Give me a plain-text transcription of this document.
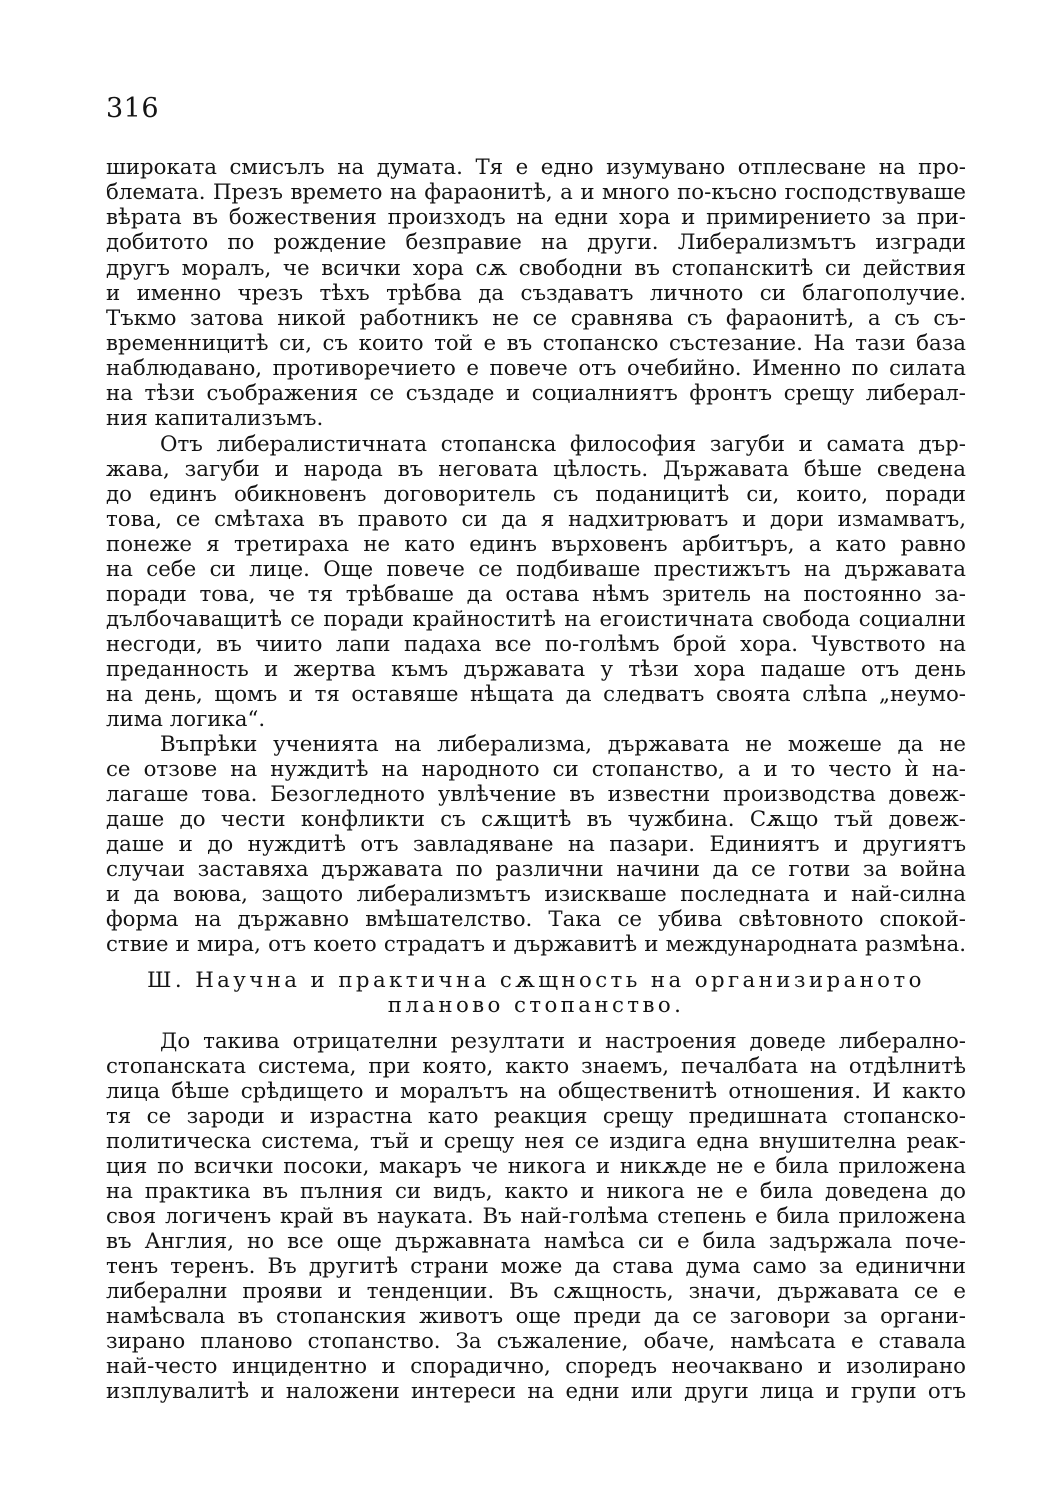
316
широката смисълъ на думата. Тя е едно изумувано отплесване на про-
блемата. Презъ времето на фараонитѣ, а и много по-късно господствуваше
вѣрата въ божествения произходъ на едни хора и примирението за при-
добитото по рождение безправие на други. Либерализмътъ изгради
другъ моралъ, че всички хора сѫ свободни въ стопанскитѣ си действия
и именно чрезъ тѣхъ трѣбва да създаватъ личното си благополучие.
Тъкмо затова никой работникъ не се сравнява съ фараонитѣ, а съ съ-
временницитѣ си, съ които той е въ стопанско състезание. На тази база
наблюдавано, противоречието е повече отъ очебийно. Именно по силата
на тѣзи съображения се създаде и социалниятъ фронтъ срещу либерал-
ния капитализъмъ.
Отъ либералистичната стопанска философия загуби и самата дър-
жава, загуби и народа въ неговата цѣлость. Държавата бѣше сведена
до единъ обикновенъ договоритель съ поданицитѣ си, които, поради
това, се смѣтаха въ правото си да я надхитрюватъ и дори измамватъ,
понеже я третираха не като единъ върховенъ арбитъръ, а като равно
на себе си лице. Още повече се подбиваше престижътъ на държавата
поради това, че тя трѣбваше да остава нѣмъ зритель на постоянно за-
дълбочаващитѣ се поради крайноститѣ на егоистичната свобода социални
несгоди, въ чиито лапи падаха все по-голѣмъ брой хора. Чувството на
преданность и жертва къмъ държавата у тѣзи хора падаше отъ день
на день, щомъ и тя оставяше нѣщата да следватъ своята слѣпа „неумо-
лима логика“.
Въпрѣки ученията на либерализма, държавата не можеше да не
се отзове на нуждитѣ на народното си стопанство, а и то често ѝ на-
лагаше това. Безогледното увлѣчение въ известни производства довеж-
даше до чести конфликти съ сѫщитѣ въ чужбина. Сѫщо тъй довеж-
даше и до нуждитѣ отъ завладяване на пазари. Единиятъ и другиятъ
случаи заставяха държавата по различни начини да се готви за война
и да воюва, защото либерализмътъ изискваше последната и най-силна
форма на държавно вмѣшателство. Така се убива свѣтовното спокой-
ствие и мира, отъ което страдатъ и държавитѣ и международната размѣна.
Ш. Научна и практична сѫщность на организираното
планово стопанство.
До такива отрицателни резултати и настроения доведе либерално-
стопанската система, при която, както знаемъ, печалбата на отдѣлнитѣ
лица бѣше срѣдището и моралътъ на общественитѣ отношения. И както
тя се зароди и израстна като реакция срещу предишната стопанско-
политическа система, тъй и срещу нея се издига една внушителна реак-
ция по всички посоки, макаръ че никога и никѫде не е била приложена
на практика въ пълния си видъ, както и никога не е била доведена до
своя логиченъ край въ науката. Въ най-голѣма степень е била приложена
въ Англия, но все още държавната намѣса си е била задържала поче-
тенъ теренъ. Въ другитѣ страни може да става дума само за единични
либерални прояви и тенденции. Въ сѫщность, значи, държавата се е
намѣсвала въ стопанския животъ още преди да се заговори за органи-
зирано планово стопанство. За съжаление, обаче, намѣсата е ставала
най-често инцидентно и спорадично, споредъ неочаквано и изолирано
изплувалитѣ и наложени интереси на едни или други лица и групи отъ
